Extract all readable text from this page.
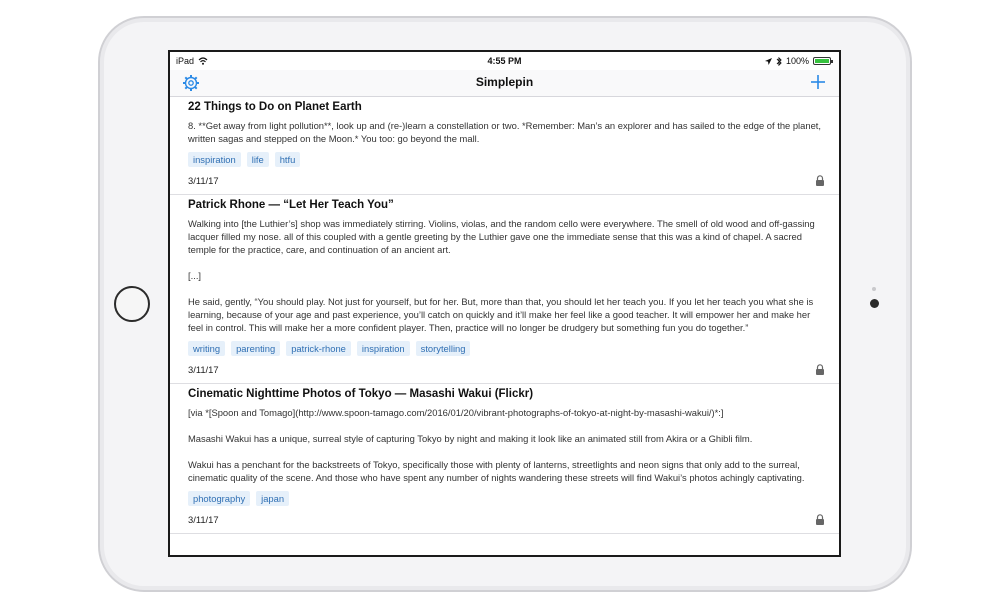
iPad	4:55 PM	100%
Simplepin
22 Things to Do on Planet Earth

8. **Get away from light pollution**, look up and (re-)learn a constellation or two. *Remember: Man’s an explorer and has sailed to the edge of the planet, written sagas and stepped on the Moon.* You too: go beyond the mall.

inspiration	life	htfu
3/11/17
Patrick Rhone — “Let Her Teach You”

Walking into [the Luthier’s] shop was immediately stirring. Violins, violas, and the random cello were everywhere. The smell of old wood and off-gassing lacquer filled my nose. all of this coupled with a gentle greeting by the Luthier gave one the immediate sense that this was a kind of chapel. A sacred temple for the practice, care, and continuation of an ancient art.

[...]

He said, gently, “You should play. Not just for yourself, but for her. But, more than that, you should let her teach you. If you let her teach you what she is learning, because of your age and past experience, you’ll catch on quickly and it’ll make her feel like a good teacher. It will empower her and make her feel in control. This will make her a more confident player. Then, practice will no longer be drudgery but something fun you do together.”

writing	parenting	patrick-rhone	inspiration	storytelling
3/11/17
Cinematic Nighttime Photos of Tokyo — Masashi Wakui (Flickr)

[via *[Spoon and Tomago](http://www.spoon-tamago.com/2016/01/20/vibrant-photographs-of-tokyo-at-night-by-masashi-wakui/)*:]

Masashi Wakui has a unique, surreal style of capturing Tokyo by night and making it look like an animated still from Akira or a Ghibli film.

Wakui has a penchant for the backstreets of Tokyo, specifically those with plenty of lanterns, streetlights and neon signs that only add to the surreal, cinematic quality of the scene. And those who have spent any number of nights wandering these streets will find Wakui’s photos achingly captivating.

photography	japan
3/11/17
